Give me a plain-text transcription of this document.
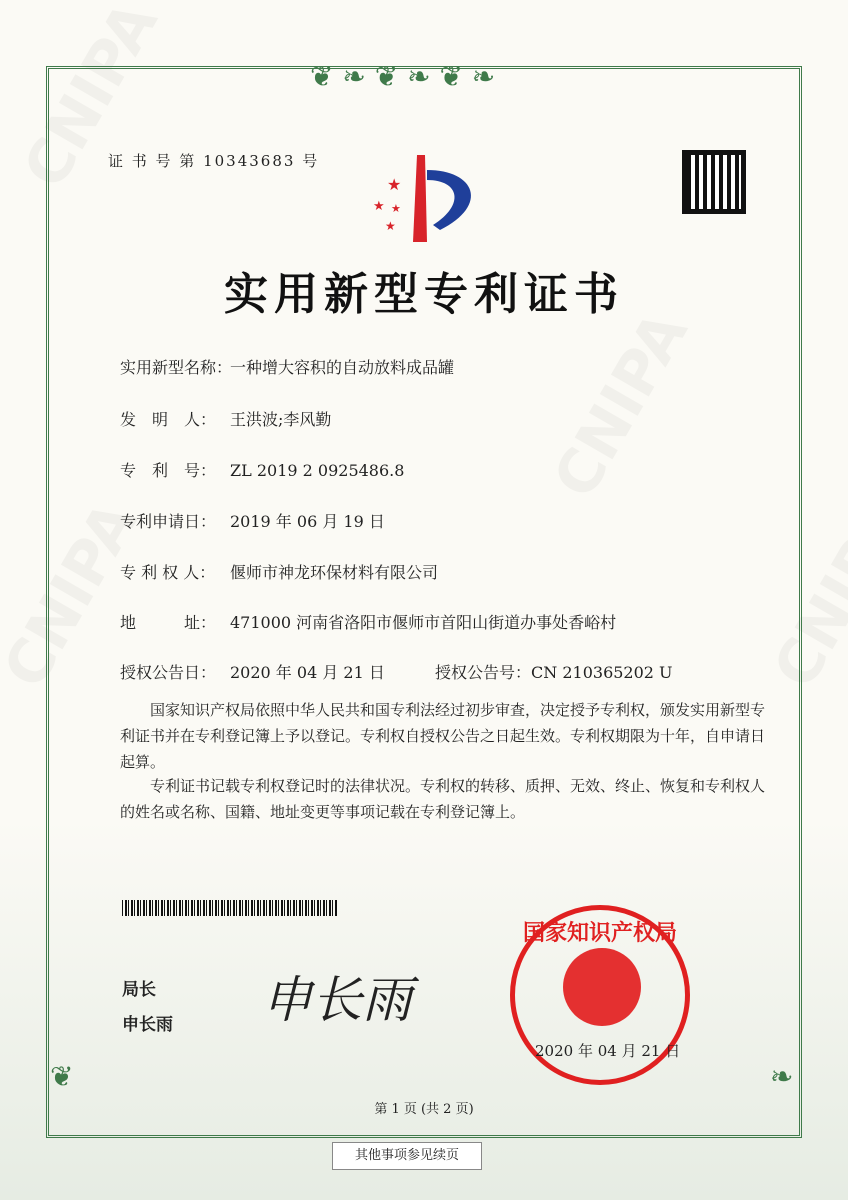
❦ ❧ ❦ ❧ ❦ ❧
❦	❧
证 书 号 第 10343683 号
★
★ ★
★
实用新型专利证书
实用新型名称：一种增大容积的自动放料成品罐
发　明　人： 王洪波;李风勤
专　利　号： ZL 2019 2 0925486.8
专利申请日： 2019 年 06 月 19 日
专 利 权 人： 偃师市神龙环保材料有限公司
地　　　址： 471000 河南省洛阳市偃师市首阳山街道办事处香峪村
授权公告日： 2020 年 04 月 21 日	授权公告号：CN 210365202 U
国家知识产权局依照中华人民共和国专利法经过初步审查，决定授予专利权，颁发实用新型专利证书并在专利登记簿上予以登记。专利权自授权公告之日起生效。专利权期限为十年，自申请日起算。
专利证书记载专利权登记时的法律状况。专利权的转移、质押、无效、终止、恢复和专利权人的姓名或名称、国籍、地址变更等事项记载在专利登记簿上。
局长
申长雨 申长雨
国家知识产权局
2020 年 04 月 21 日
第 1 页 (共 2 页)
其他事项参见续页
